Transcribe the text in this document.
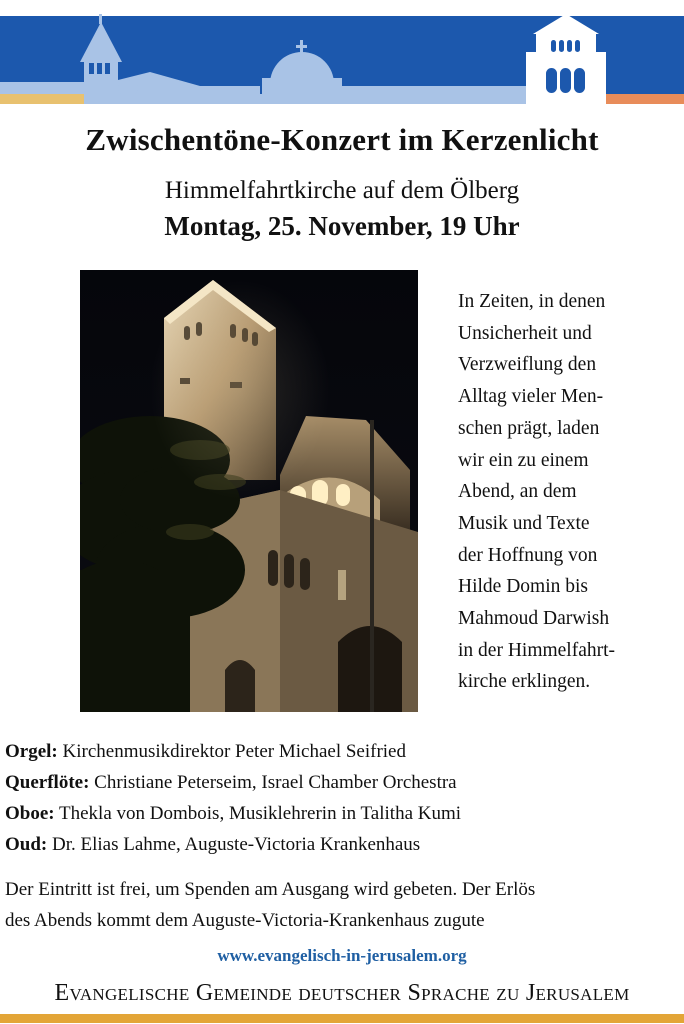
Zwischentöne-Konzert im Kerzenlicht
Himmelfahrtkirche auf dem Ölberg
Montag, 25. November, 19 Uhr

In Zeiten, in denen
Unsicherheit und
Verzweiflung den
Alltag vieler Men-
schen prägt, laden
wir ein zu einem
Abend, an dem
Musik und Texte
der Hoffnung von
Hilde Domin bis
Mahmoud Darwish
in der Himmelfahrt-
kirche erklingen.

Orgel: Kirchenmusikdirektor Peter Michael Seifried
Querflöte: Christiane Peterseim, Israel Chamber Orchestra
Oboe: Thekla von Dombois, Musiklehrerin in Talitha Kumi
Oud: Dr. Elias Lahme, Auguste-Victoria Krankenhaus

Der Eintritt ist frei, um Spenden am Ausgang wird gebeten. Der Erlös
des Abends kommt dem Auguste-Victoria-Krankenhaus zugute

www.evangelisch-in-jerusalem.org
Evangelische Gemeinde deutscher Sprache zu Jerusalem
